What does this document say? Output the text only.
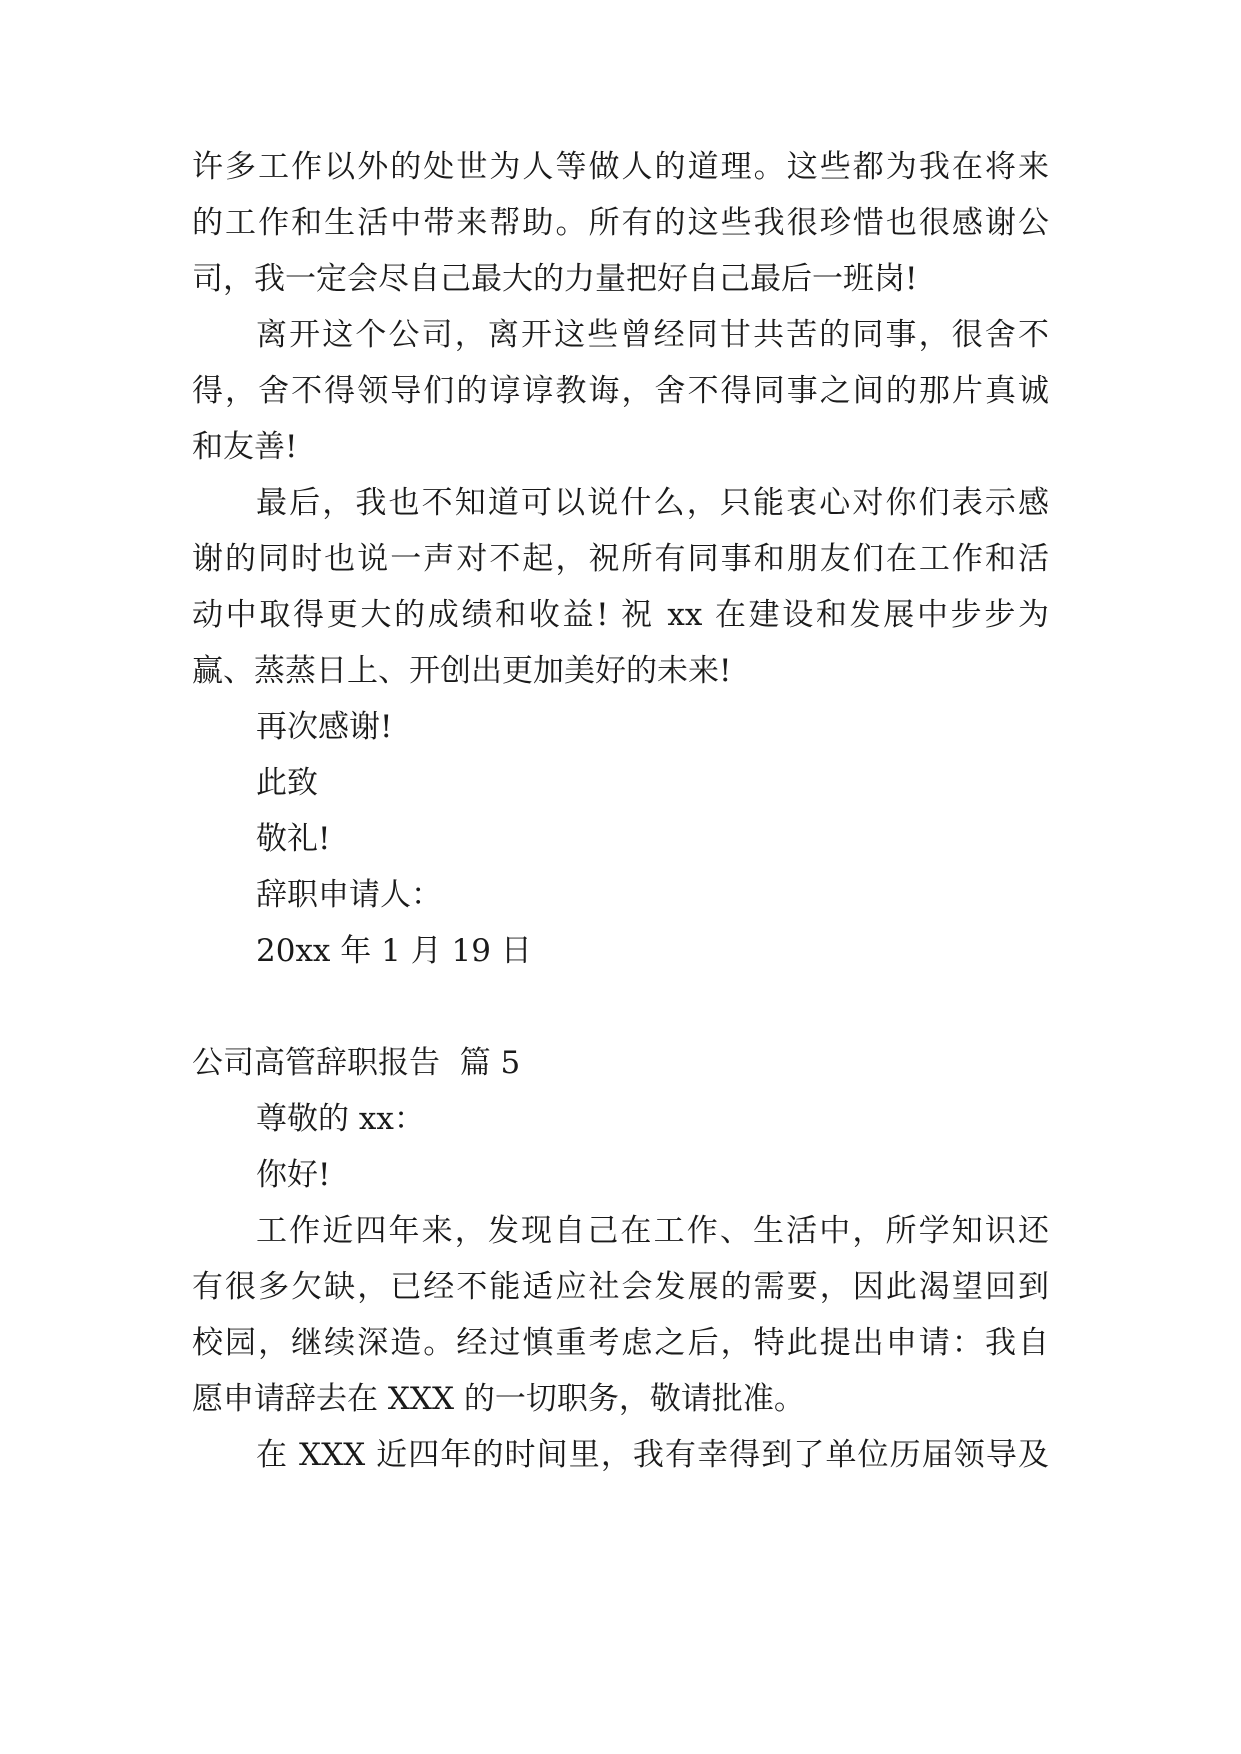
许多工作以外的处世为人等做人的道理。这些都为我在将来
的工作和生活中带来帮助。所有的这些我很珍惜也很感谢公
司，我一定会尽自己最大的力量把好自己最后一班岗!
离开这个公司，离开这些曾经同甘共苦的同事，很舍不
得，舍不得领导们的谆谆教诲，舍不得同事之间的那片真诚
和友善!
最后，我也不知道可以说什么，只能衷心对你们表示感
谢的同时也说一声对不起，祝所有同事和朋友们在工作和活
动中取得更大的成绩和收益! 祝 xx 在建设和发展中步步为
赢、蒸蒸日上、开创出更加美好的未来!
再次感谢!
此致
敬礼!
辞职申请人：
20xx 年 1 月 19 日
公司高管辞职报告  篇 5
尊敬的 xx：
你好!
工作近四年来，发现自己在工作、生活中，所学知识还
有很多欠缺，已经不能适应社会发展的需要，因此渴望回到
校园，继续深造。经过慎重考虑之后，特此提出申请：我自
愿申请辞去在 XXX 的一切职务，敬请批准。
在 XXX 近四年的时间里，我有幸得到了单位历届领导及
